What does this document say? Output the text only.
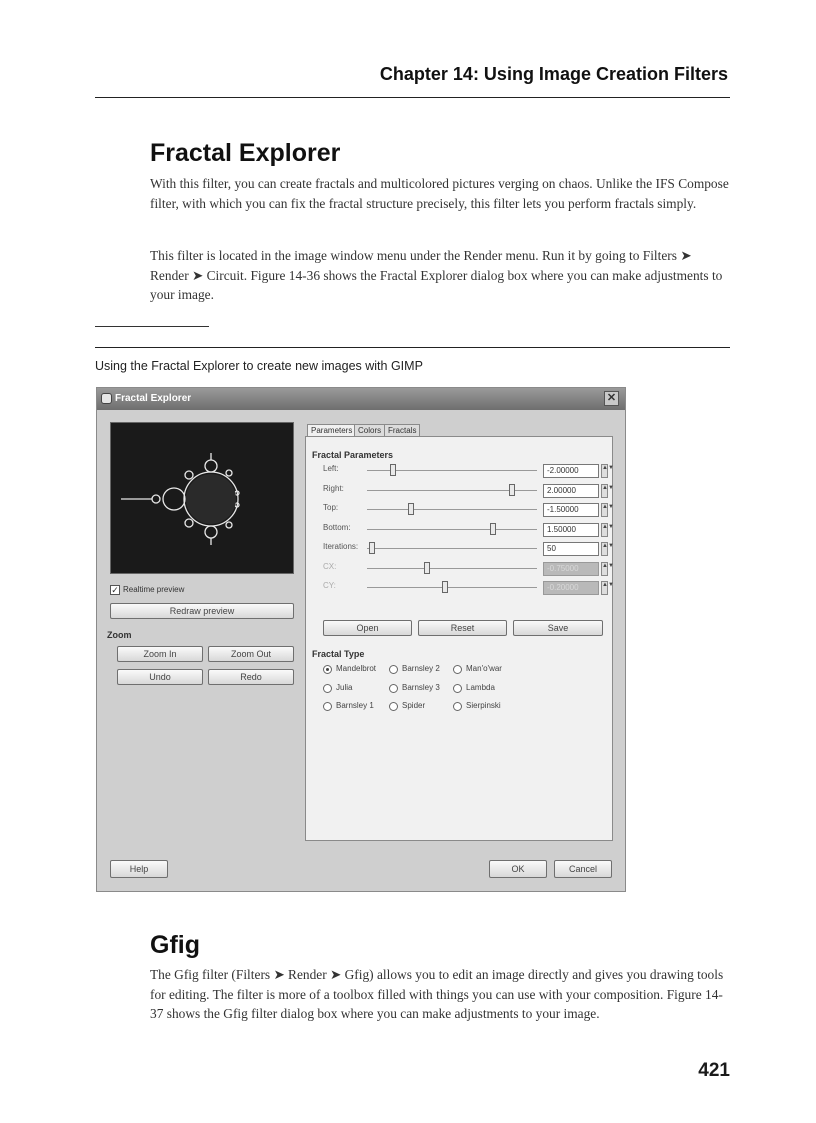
Chapter 14: Using Image Creation Filters
Fractal Explorer

With this filter, you can create fractals and multicolored pictures verging on chaos. Unlike the IFS Compose filter, with which you can fix the fractal structure precisely, this filter lets you perform fractals simply.

This filter is located in the image window menu under the Render menu. Run it by going to Filters ➤ Render ➤ Circuit. Figure 14-36 shows the Fractal Explorer dialog box where you can make adjustments to your image.

Using the Fractal Explorer to create new images with GIMP
Fractal Explorer	✕
✓ Realtime preview
Redraw preview
Zoom
Zoom In	Zoom Out
Undo	Redo
Parameters Colors Fractals
Fractal Parameters
Left:	-2.00000	▲▼
Right:	2.00000	▲▼
Top:	-1.50000	▲▼
Bottom:	1.50000	▲▼
Iterations:	50	▲▼
CX:	-0.75000	▲▼
CY:	-0.20000	▲▼
Open	Reset	Save
Fractal Type
Mandelbrot	Barnsley 2	Man'o'war
Julia	Barnsley 3	Lambda
Barnsley 1	Spider	Sierpinski
Help	OK	Cancel
Gfig

The Gfig filter (Filters ➤ Render ➤ Gfig) allows you to edit an image directly and gives you drawing tools for editing. The filter is more of a toolbox filled with things you can use with your composition. Figure 14-37 shows the Gfig filter dialog box where you can make adjustments to your image.

421
